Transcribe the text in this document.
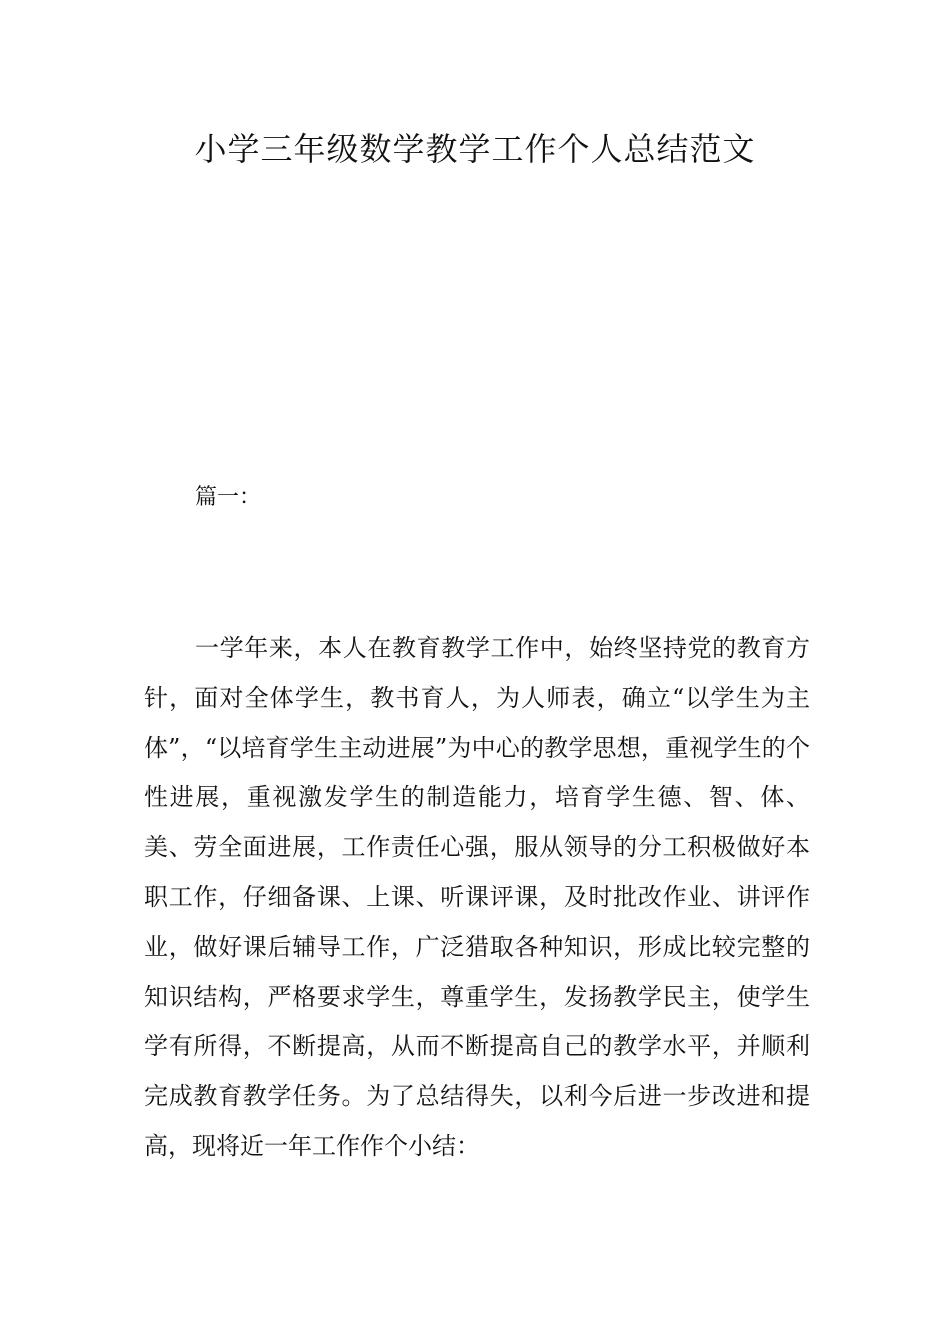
小学三年级数学教学工作个人总结范文
篇一：

一学年来，本人在教育教学工作中，始终坚持党的教育方针，面对全体学生，教书育人，为人师表，确立“以学生为主体”，“以培育学生主动进展”为中心的教学思想，重视学生的个性进展，重视激发学生的制造能力，培育学生德、智、体、美、劳全面进展，工作责任心强，服从领导的分工积极做好本职工作，仔细备课、上课、听课评课，及时批改作业、讲评作业，做好课后辅导工作，广泛猎取各种知识，形成比较完整的知识结构，严格要求学生，尊重学生，发扬教学民主，使学生学有所得，不断提高，从而不断提高自己的教学水平，并顺利完成教育教学任务。为了总结得失，以利今后进一步改进和提高，现将近一年工作作个小结：
